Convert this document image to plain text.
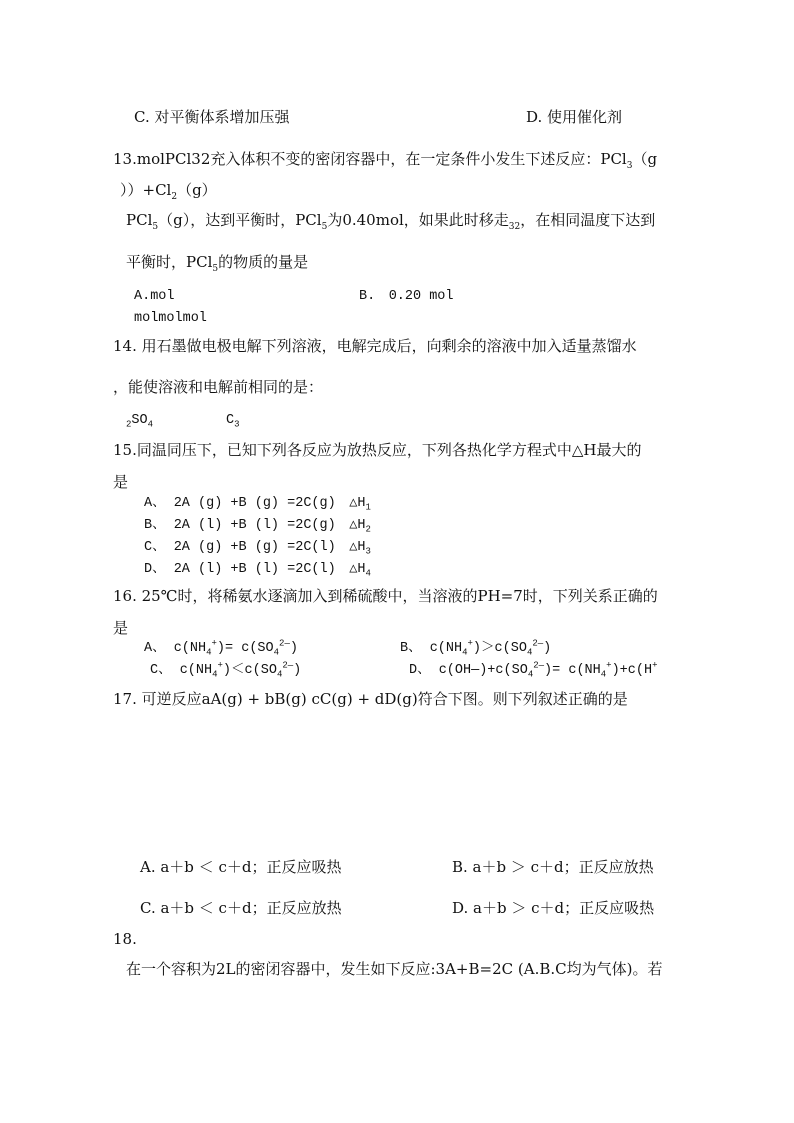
C. 对平衡体系增加压强	D. 使用催化剂
13.molPCl32充入体积不变的密闭容器中，在一定条件小发生下述反应：PCl$_3$（g
））$+Cl_2(g)$
PCl$_5$（g），达到平衡时，PCl$_5$为0.40mol，如果此时移走$_{32}$，在相同温度下达到
平衡时，PCl$_5$的物质的量是
A.mol	B.　0.20 mol
molmolmol
14. 用石墨做电极电解下列溶液，电解完成后，向剩余的溶液中加入适量蒸馏水
，能使溶液和电解前相同的是：
$_2SO_4$	$C_3$
15.同温同压下，已知下列各反应为放热反应，下列各热化学方程式中△H最大的
是
A、 2A (g) +B (g) =2C(g)　$\triangle H_1$
B、 2A (l) +B (l) =2C(g)　$\triangle H_2$
C、 2A (g) +B (g) =2C(l)　$\triangle H_3$
D、 2A (l) +B (l) =2C(l)　$\triangle H_4$
16. 25℃时，将稀氨水逐滴加入到稀硫酸中，当溶液的PH=7时，下列关系正确的
是
A、 $c(NH_4^+)= c(SO_4^{2—})$	B、 $c(NH_4^+)>c(SO_4^{2—})$
C、 $c(NH_4^+)<c(SO_4^{2—})$	D、 $c(OH—)+c(SO_4^{2—})= c(NH_4^+)+c(H^+$
17. 可逆反应aA(g) + bB(g) cC(g) + dD(g)符合下图。则下列叙述正确的是
A. a＋b ＜ c＋d；正反应吸热	B. a＋b ＞ c＋d；正反应放热
C. a＋b ＜ c＋d；正反应放热	D. a＋b ＞ c＋d；正反应吸热
18.
在一个容积为2L的密闭容器中，发生如下反应:3A+B=2C (A.B.C均为气体)。若
